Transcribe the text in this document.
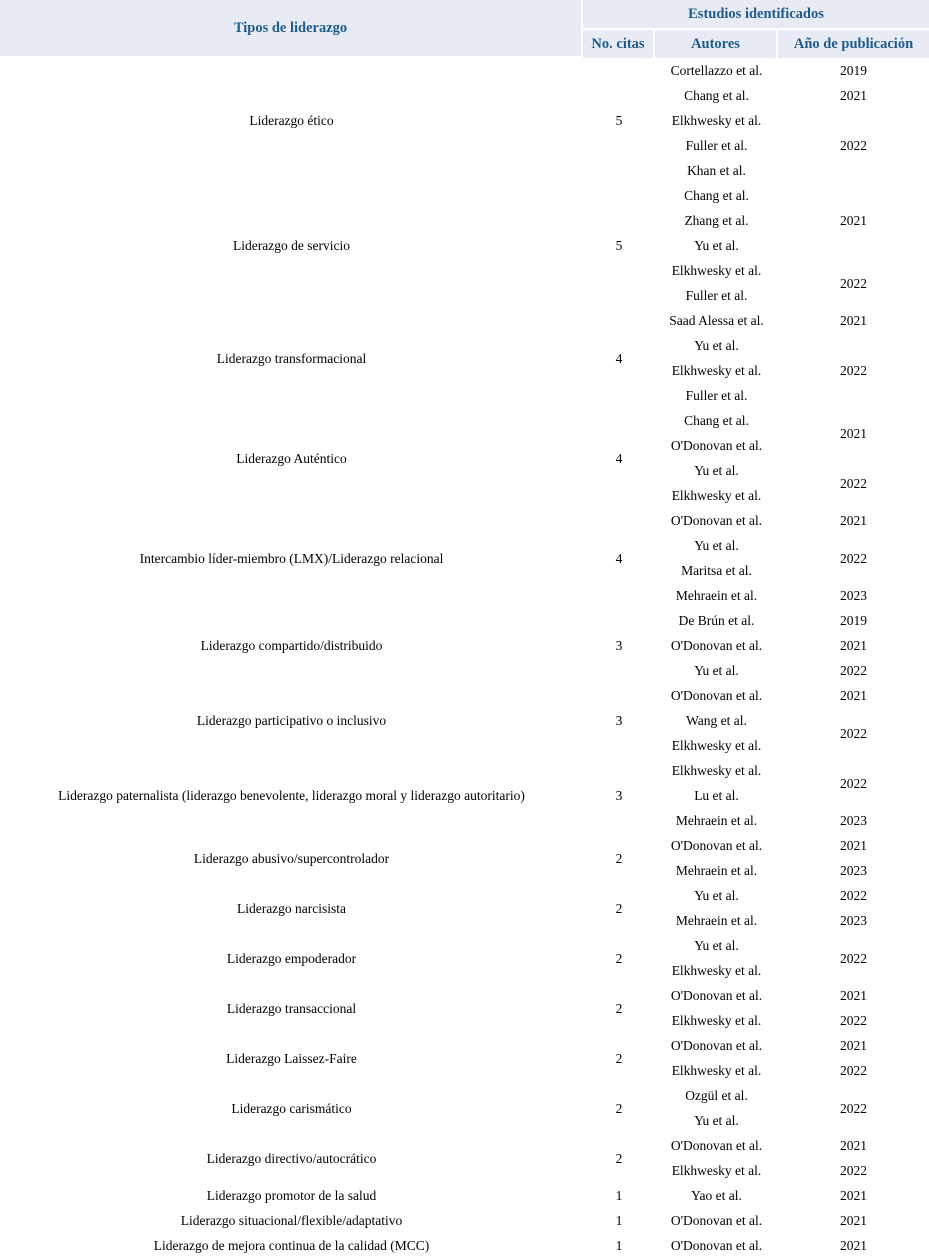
Tipos de liderazgo	Estudios identificados		
	No. citas	Autores	Año de publicación
Liderazgo ético	5	Cortellazzo et al.	2019
		Chang et al.	2021
		Elkhwesky et al.	2022
		Fuller et al.	
		Khan et al.	
Liderazgo de servicio	5	Chang et al.	2021
		Zhang et al.	
		Yu et al.	
		Elkhwesky et al.	2022
		Fuller et al.	
Liderazgo transformacional	4	Saad Alessa et al.	2021
		Yu et al.	2022
		Elkhwesky et al.	
		Fuller et al.	
Liderazgo Auténtico	4	Chang et al.	2021
		O'Donovan et al.	
		Yu et al.	2022
		Elkhwesky et al.	
Intercambio líder-miembro (LMX)/Liderazgo relacional	4	O'Donovan et al.	2021
		Yu et al.	2022
		Maritsa et al.	
		Mehraein et al.	2023
Liderazgo compartido/distribuido	3	De Brún et al.	2019
		O'Donovan et al.	2021
		Yu et al.	2022
Liderazgo participativo o inclusivo	3	O'Donovan et al.	2021
		Wang et al.	2022
		Elkhwesky et al.	
Liderazgo paternalista (liderazgo benevolente, liderazgo moral y liderazgo autoritario)	3	Elkhwesky et al.	2022
		Lu et al.	
		Mehraein et al.	2023
Liderazgo abusivo/supercontrolador	2	O'Donovan et al.	2021
		Mehraein et al.	2023
Liderazgo narcisista	2	Yu et al.	2022
		Mehraein et al.	2023
Liderazgo empoderador	2	Yu et al.	2022
		Elkhwesky et al.	
Liderazgo transaccional	2	O'Donovan et al.	2021
		Elkhwesky et al.	2022
Liderazgo Laissez-Faire	2	O'Donovan et al.	2021
		Elkhwesky et al.	2022
Liderazgo carismático	2	Ozgül et al.	2022
		Yu et al.	
Liderazgo directivo/autocrático	2	O'Donovan et al.	2021
		Elkhwesky et al.	2022
Liderazgo promotor de la salud	1	Yao et al.	2021
Liderazgo situacional/flexible/adaptativo	1	O'Donovan et al.	2021
Liderazgo de mejora continua de la calidad (MCC)	1	O'Donovan et al.	2021
